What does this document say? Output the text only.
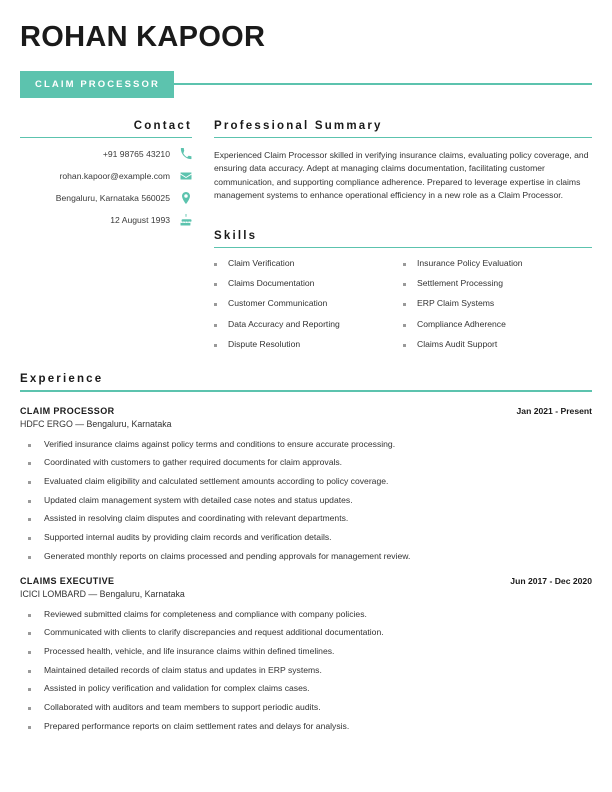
ROHAN KAPOOR
CLAIM PROCESSOR
Contact
+91 98765 43210
rohan.kapoor@example.com
Bengaluru, Karnataka 560025
12 August 1993
Professional Summary

Experienced Claim Processor skilled in verifying insurance claims, evaluating policy coverage, and ensuring data accuracy. Adept at managing claims documentation, facilitating customer communication, and supporting compliance adherence. Prepared to leverage expertise in claims management systems to enhance operational efficiency in a new role as a Claim Processor.

Skills
Claim Verification
Claims Documentation
Customer Communication
Data Accuracy and Reporting
Dispute Resolution
Insurance Policy Evaluation
Settlement Processing
ERP Claim Systems
Compliance Adherence
Claims Audit Support
Experience
CLAIM PROCESSOR	Jan 2021 - Present
HDFC ERGO — Bengaluru, Karnataka
Verified insurance claims against policy terms and conditions to ensure accurate processing.
Coordinated with customers to gather required documents for claim approvals.
Evaluated claim eligibility and calculated settlement amounts according to policy coverage.
Updated claim management system with detailed case notes and status updates.
Assisted in resolving claim disputes and coordinating with relevant departments.
Supported internal audits by providing claim records and verification details.
Generated monthly reports on claims processed and pending approvals for management review.
CLAIMS EXECUTIVE	Jun 2017 - Dec 2020
ICICI LOMBARD — Bengaluru, Karnataka
Reviewed submitted claims for completeness and compliance with company policies.
Communicated with clients to clarify discrepancies and request additional documentation.
Processed health, vehicle, and life insurance claims within defined timelines.
Maintained detailed records of claim status and updates in ERP systems.
Assisted in policy verification and validation for complex claims cases.
Collaborated with auditors and team members to support periodic audits.
Prepared performance reports on claim settlement rates and delays for analysis.
